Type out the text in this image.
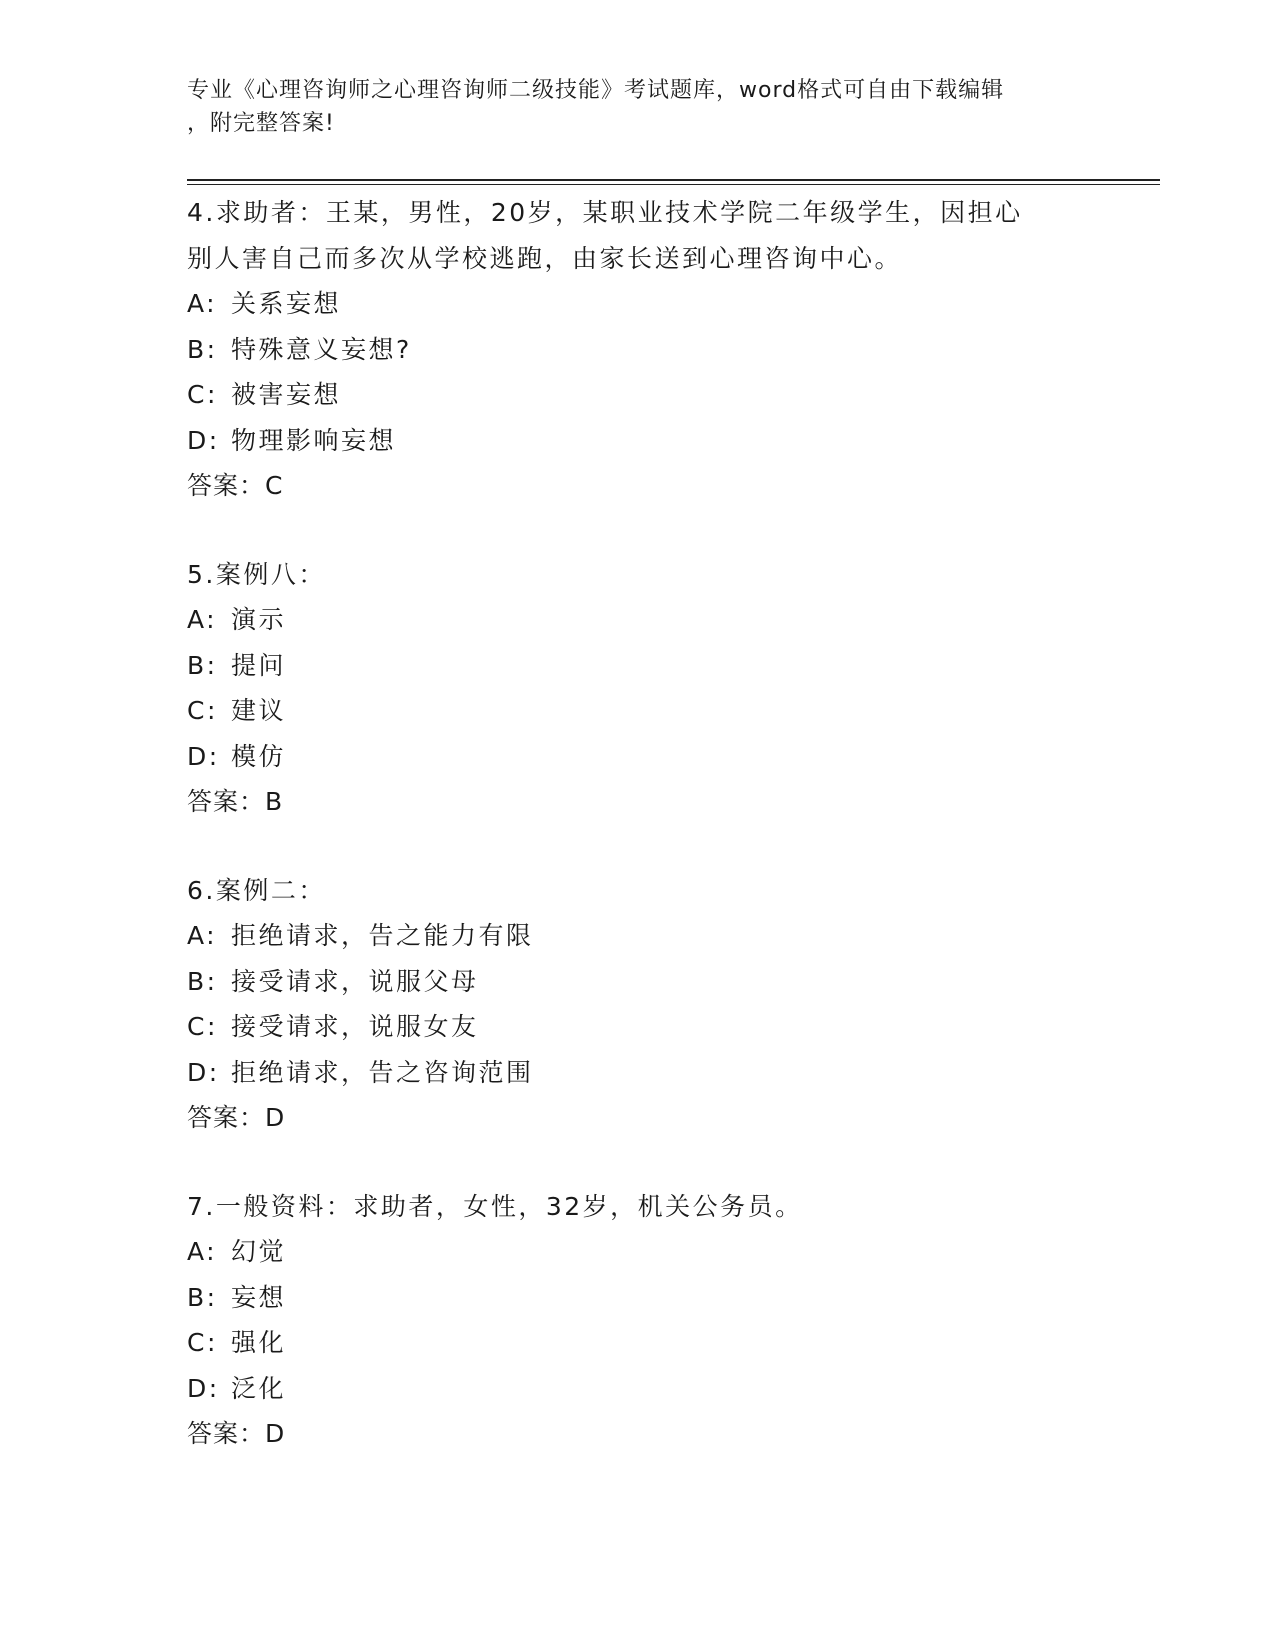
专业《心理咨询师之心理咨询师二级技能》考试题库，word格式可自由下载编辑
，附完整答案!

4.求助者：王某，男性，20岁，某职业技术学院二年级学生，因担心

别人害自己而多次从学校逃跑，由家长送到心理咨询中心。

A: 关系妄想

B: 特殊意义妄想?

C: 被害妄想

D: 物理影响妄想

答案：C

5.案例八：

A: 演示

B: 提问

C: 建议

D: 模仿

答案：B

6.案例二：

A: 拒绝请求，告之能力有限

B: 接受请求，说服父母

C: 接受请求，说服女友

D: 拒绝请求，告之咨询范围

答案：D

7.一般资料：求助者，女性，32岁，机关公务员。

A: 幻觉

B: 妄想

C: 强化

D: 泛化

答案：D
